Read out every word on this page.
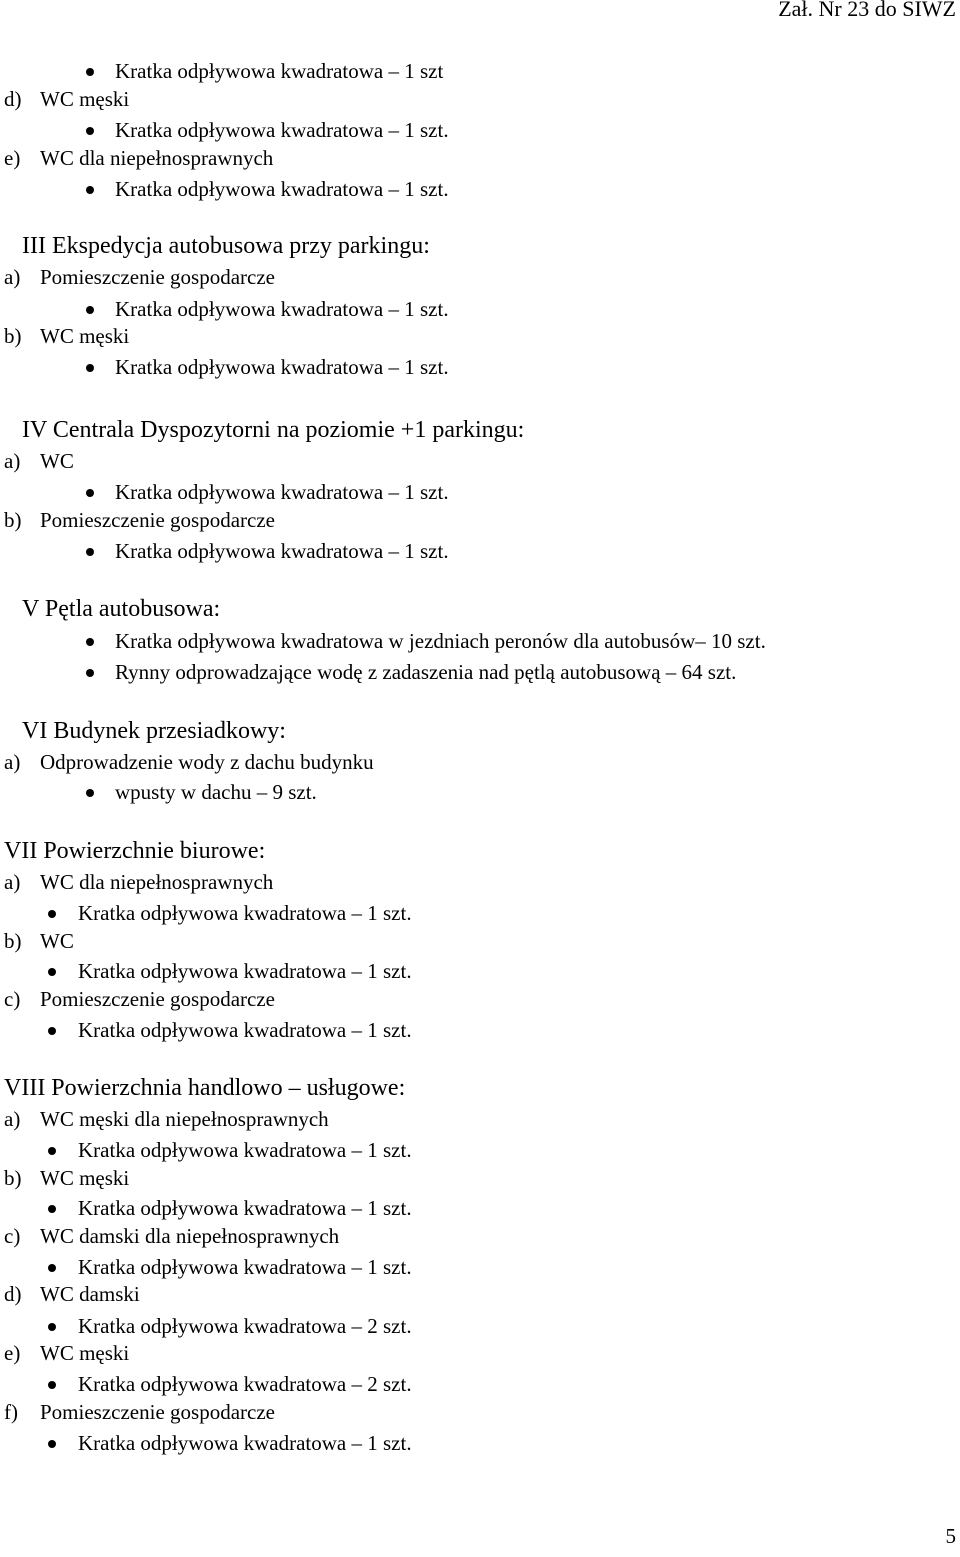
Zał. Nr 23 do SIWZ
Kratka odpływowa kwadratowa – 1 szt
d) WC męski
Kratka odpływowa kwadratowa – 1 szt.
e) WC dla niepełnosprawnych
Kratka odpływowa kwadratowa – 1 szt.
III Ekspedycja autobusowa przy parkingu:
a) Pomieszczenie gospodarcze
Kratka odpływowa kwadratowa – 1 szt.
b) WC męski
Kratka odpływowa kwadratowa – 1 szt.
IV Centrala Dyspozytorni na poziomie +1 parkingu:
a) WC
Kratka odpływowa kwadratowa – 1 szt.
b) Pomieszczenie gospodarcze
Kratka odpływowa kwadratowa – 1 szt.
V Pętla autobusowa:
Kratka odpływowa kwadratowa w jezdniach peronów dla autobusów– 10 szt.
Rynny odprowadzające wodę z zadaszenia nad pętlą autobusową – 64 szt.
VI Budynek przesiadkowy:
a) Odprowadzenie wody z dachu budynku
wpusty w dachu – 9 szt.
VII Powierzchnie biurowe:
a) WC dla niepełnosprawnych
Kratka odpływowa kwadratowa – 1 szt.
b) WC
Kratka odpływowa kwadratowa – 1 szt.
c) Pomieszczenie gospodarcze
Kratka odpływowa kwadratowa – 1 szt.
VIII Powierzchnia handlowo – usługowe:
a) WC męski dla niepełnosprawnych
Kratka odpływowa kwadratowa – 1 szt.
b) WC męski
Kratka odpływowa kwadratowa – 1 szt.
c) WC damski dla niepełnosprawnych
Kratka odpływowa kwadratowa – 1 szt.
d) WC damski
Kratka odpływowa kwadratowa – 2 szt.
e) WC męski
Kratka odpływowa kwadratowa – 2 szt.
f) Pomieszczenie gospodarcze
Kratka odpływowa kwadratowa – 1 szt.
5
